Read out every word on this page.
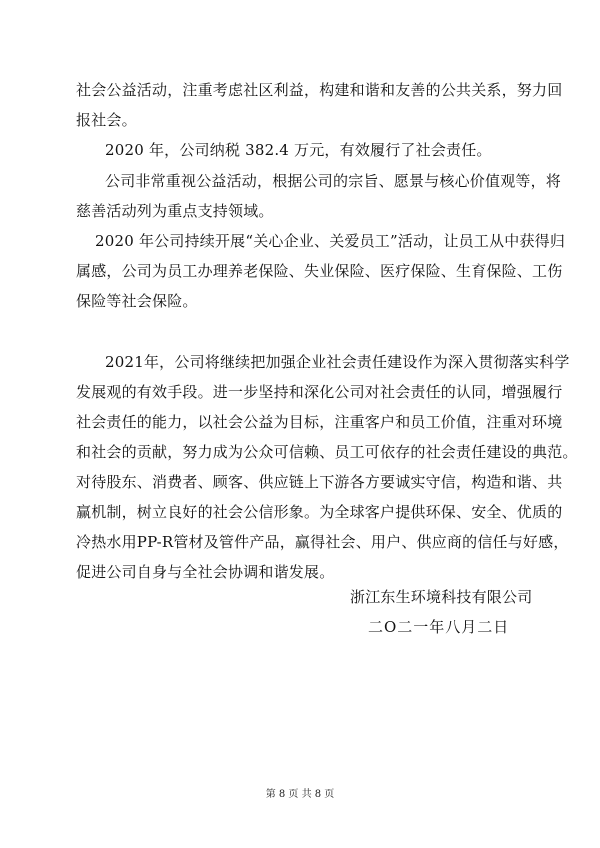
社会公益活动，注重考虑社区利益，构建和谐和友善的公共关系，努力回
报社会。
2020 年，公司纳税 382.4 万元，有效履行了社会责任。
公司非常重视公益活动，根据公司的宗旨、愿景与核心价值观等，将
慈善活动列为重点支持领域。
2020 年公司持续开展“关心企业、关爱员工”活动，让员工从中获得归
属感，公司为员工办理养老保险、失业保险、医疗保险、生育保险、工伤
保险等社会保险。
2021年，公司将继续把加强企业社会责任建设作为深入贯彻落实科学
发展观的有效手段。进一步坚持和深化公司对社会责任的认同，增强履行
社会责任的能力，以社会公益为目标，注重客户和员工价值，注重对环境
和社会的贡献，努力成为公众可信赖、员工可依存的社会责任建设的典范。
对待股东、消费者、顾客、供应链上下游各方要诚实守信，构造和谐、共
赢机制，树立良好的社会公信形象。为全球客户提供环保、安全、优质的
冷热水用PP-R管材及管件产品，赢得社会、用户、供应商的信任与好感，
促进公司自身与全社会协调和谐发展。
浙江东生环境科技有限公司
二O二一年八月二日
第 8 页 共 8 页
